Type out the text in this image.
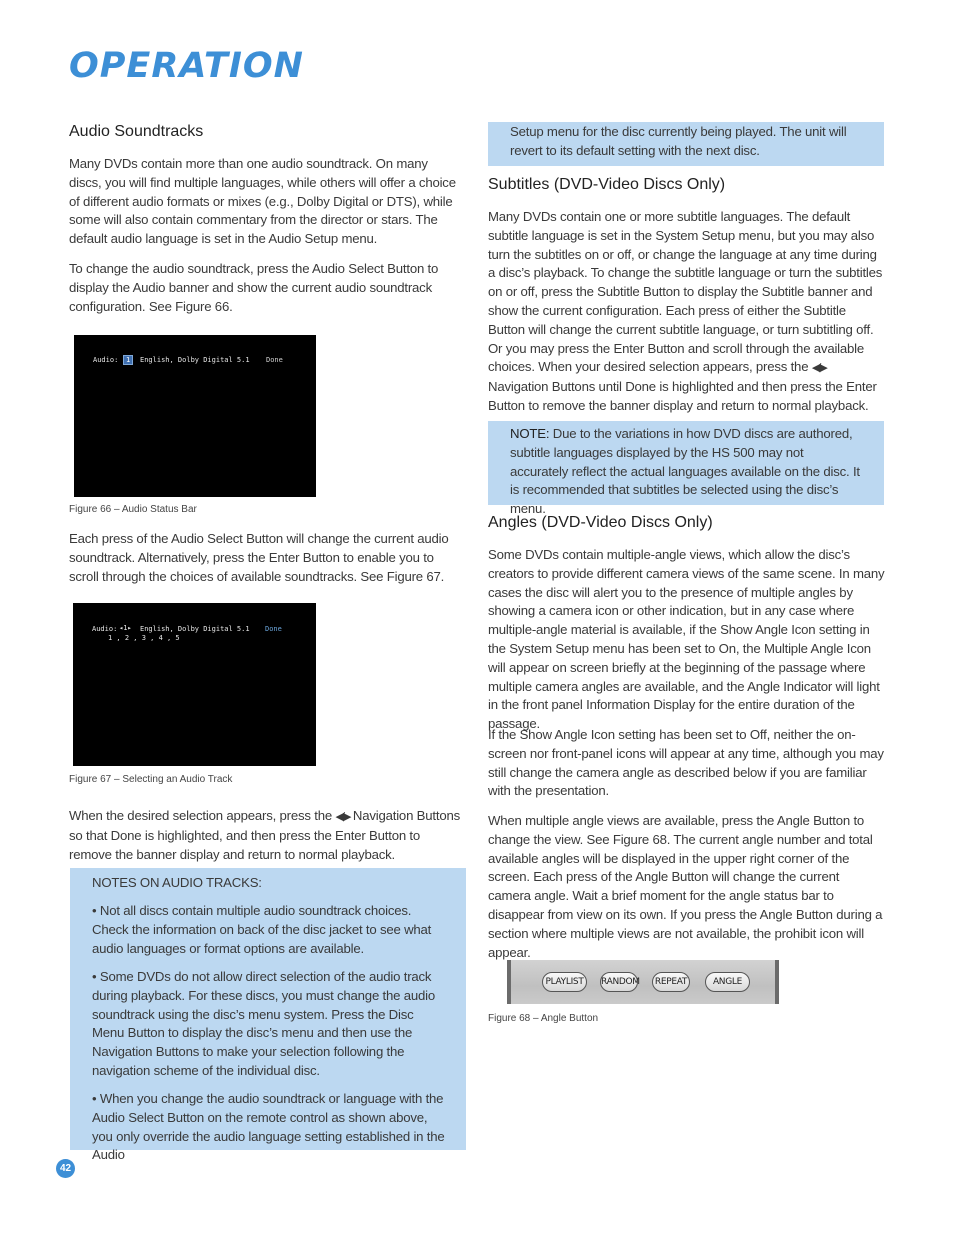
OPERATION
Audio Soundtracks
Many DVDs contain more than one audio soundtrack. On many discs, you will find multiple languages, while others will offer a choice of different audio formats or mixes (e.g., Dolby Digital or DTS), while some will also contain commentary from the director or stars. The default audio language is set in the Audio Setup menu.
To change the audio soundtrack, press the Audio Select Button to display the Audio banner and show the current audio soundtrack configuration. See Figure 66.
Audio:	1	English, Dolby Digital 5.1 Done
Figure 66 – Audio Status Bar
Each press of the Audio Select Button will change the current audio soundtrack. Alternatively, press the Enter Button to enable you to scroll through the choices of available soundtracks. See Figure 67.
Audio: ◂1▸ English, Dolby Digital 5.1 Done
1 , 2 , 3 , 4 , 5
Figure 67 – Selecting an Audio Track
When the desired selection appears, press the ◀/▶ Navigation Buttons so that Done is highlighted, and then press the Enter Button to remove the banner display and return to normal playback.
NOTES ON AUDIO TRACKS:
• Not all discs contain multiple audio soundtrack choices. Check the information on back of the disc jacket to see what audio languages or format options are available.
• Some DVDs do not allow direct selection of the audio track during playback. For these discs, you must change the audio soundtrack using the disc’s menu system. Press the Disc Menu Button to display the disc’s menu and then use the Navigation Buttons to make your selection following the navigation scheme of the individual disc.
• When you change the audio soundtrack or language with the Audio Select Button on the remote control as shown above, you only override the audio language setting established in the Audio
42
Setup menu for the disc currently being played. The unit will revert to its default setting with the next disc.
Subtitles (DVD-Video Discs Only)
Many DVDs contain one or more subtitle languages. The default subtitle language is set in the System Setup menu, but you may also turn the subtitles on or off, or change the language at any time during a disc’s playback. To change the subtitle language or turn the subtitles on or off, press the Subtitle Button to display the Subtitle banner and show the current configuration. Each press of either the Subtitle Button will change the current subtitle language, or turn subtitling off. Or you may press the Enter Button and scroll through the available choices. When your desired selection appears, press the ◀/▶ Navigation Buttons until Done is highlighted and then press the Enter Button to remove the banner display and return to normal playback.
NOTE: Due to the variations in how DVD discs are authored, subtitle languages displayed by the HS 500 may not accurately reflect the actual languages available on the disc. It is recommended that subtitles be selected using the disc’s menu.
Angles (DVD-Video Discs Only)
Some DVDs contain multiple-angle views, which allow the disc’s creators to provide different camera views of the same scene. In many cases the disc will alert you to the presence of multiple angles by showing a camera icon or other indication, but in any case where multiple-angle material is available, if the Show Angle Icon setting in the System Setup menu has been set to On, the Multiple Angle Icon will appear on screen briefly at the beginning of the passage where multiple camera angles are available, and the Angle Indicator will light in the front panel Information Display for the entire duration of the passage.
If the Show Angle Icon setting has been set to Off, neither the on-screen nor front-panel icons will appear at any time, although you may still change the camera angle as described below if you are familiar with the presentation.
When multiple angle views are available, press the Angle Button to change the view. See Figure 68. The current angle number and total available angles will be displayed in the upper right corner of the screen. Each press of the Angle Button will change the current camera angle. Wait a brief moment for the angle status bar to disappear from view on its own. If you press the Angle Button during a section where multiple views are not available, the prohibit icon will appear.
PLAYLIST	RANDOM	REPEAT	ANGLE
Figure 68 – Angle Button
